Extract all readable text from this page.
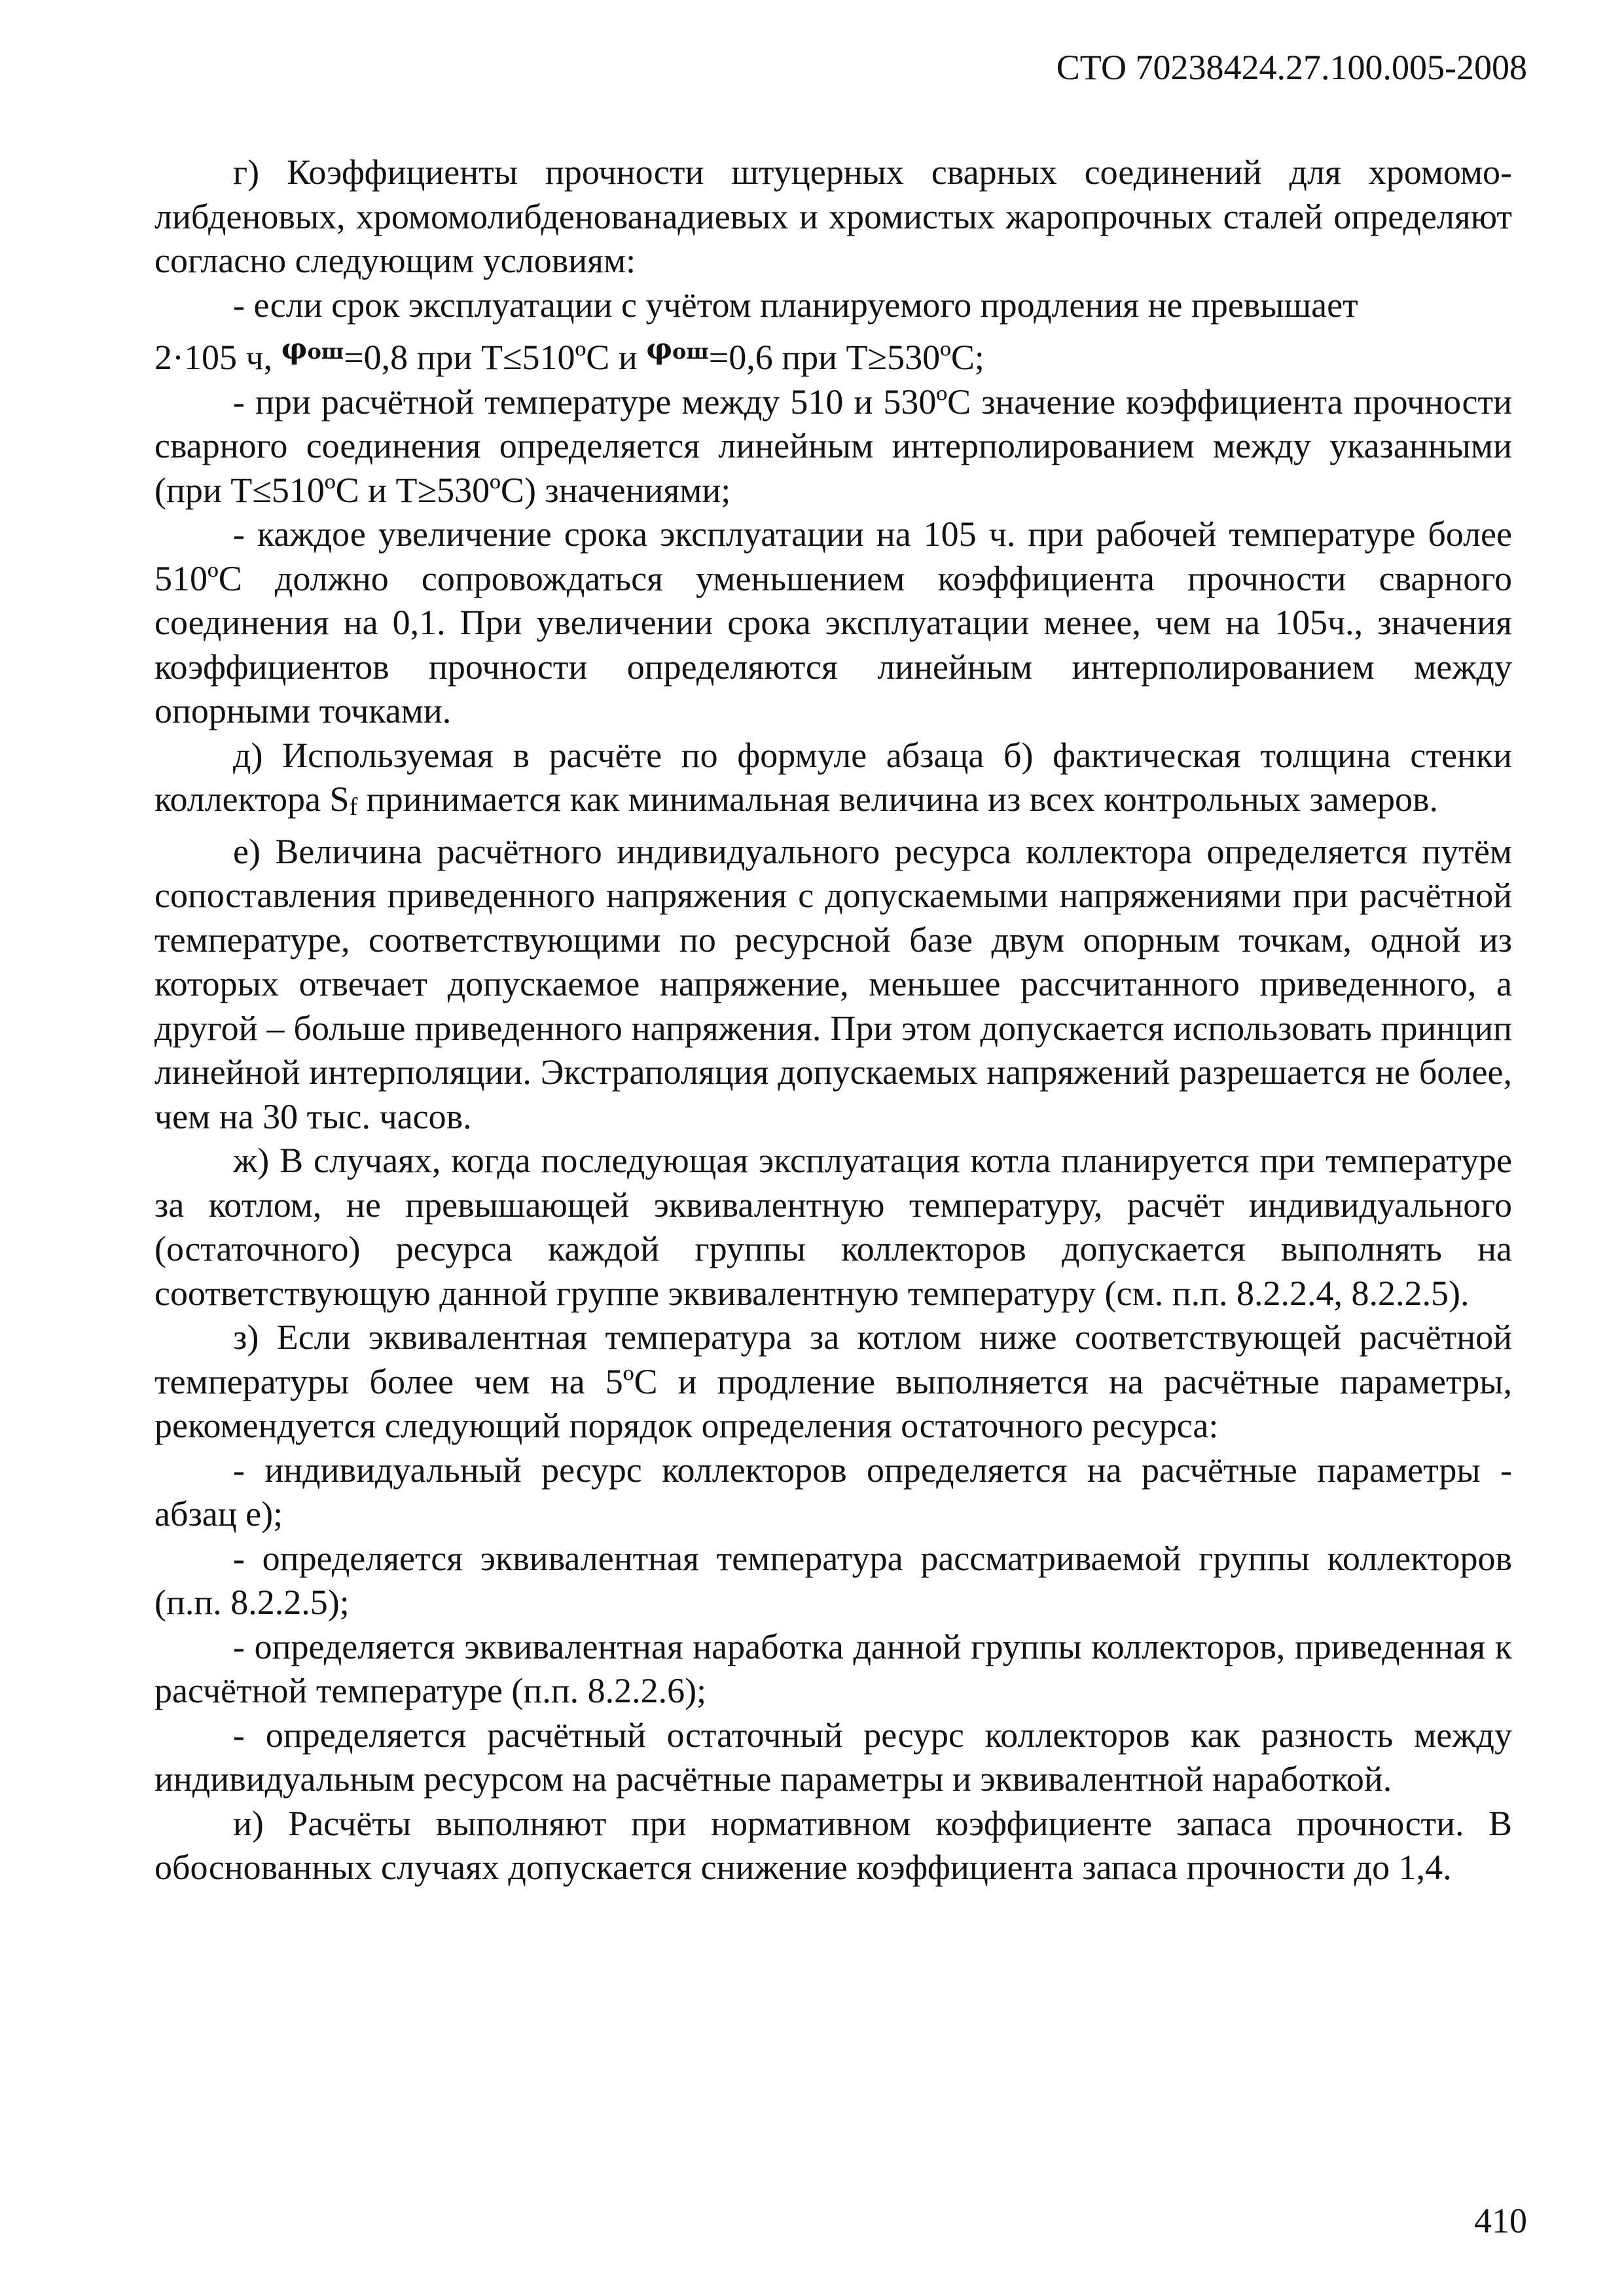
СТО 70238424.27.100.005-2008

г) Коэффициенты прочности штуцерных сварных соединений для хромомолибденовых, хромомолибденованадиевых и хромистых жаропрочных сталей определяют согласно следующим условиям:

- если срок эксплуатации с учётом планируемого продления не превышает

2·105 ч, $^{\varphi ош}$=0,8 при Т≤510ºС и $^{\varphi ош}$=0,6 при Т≥530ºС;

- при расчётной температуре между 510 и 530ºС значение коэффициента прочности сварного соединения определяется линейным интерполированием между указанными (при Т≤510ºС и Т≥530ºС) значениями;

- каждое увеличение срока эксплуатации на 105 ч. при рабочей температуре более 510ºС должно сопровождаться уменьшением коэффициента прочности сварного соединения на 0,1. При увеличении срока эксплуатации менее, чем на 105ч., значения коэффициентов прочности определяются линейным интерполированием между опорными точками.

д) Используемая в расчёте по формуле абзаца б) фактическая толщина стенки коллектора $S_f$ принимается как минимальная величина из всех контрольных замеров.

е) Величина расчётного индивидуального ресурса коллектора определяется путём сопоставления приведенного напряжения с допускаемыми напряжениями при расчётной температуре, соответствующими по ресурсной базе двум опорным точкам, одной из которых отвечает допускаемое напряжение, меньшее рассчитанного приведенного, а другой – больше приведенного напряжения. При этом допускается использовать принцип линейной интерполяции. Экстраполяция допускаемых напряжений разрешается не более, чем на 30 тыс. часов.

ж) В случаях, когда последующая эксплуатация котла планируется при температуре за котлом, не превышающей эквивалентную температуру, расчёт индивидуального (остаточного) ресурса каждой группы коллекторов допускается выполнять на соответствующую данной группе эквивалентную температуру (см. п.п. 8.2.2.4, 8.2.2.5).

з) Если эквивалентная температура за котлом ниже соответствующей расчётной температуры более чем на 5ºС и продление выполняется на расчётные параметры, рекомендуется следующий порядок определения остаточного ресурса:

- индивидуальный ресурс коллекторов определяется на расчётные параметры - абзац е);

- определяется эквивалентная температура рассматриваемой группы коллекторов (п.п. 8.2.2.5);

- определяется эквивалентная наработка данной группы коллекторов, приведенная к расчётной температуре (п.п. 8.2.2.6);

- определяется расчётный остаточный ресурс коллекторов как разность между индивидуальным ресурсом на расчётные параметры и эквивалентной наработкой.

и) Расчёты выполняют при нормативном коэффициенте запаса прочности. В обоснованных случаях допускается снижение коэффициента запаса прочности до 1,4.

410
